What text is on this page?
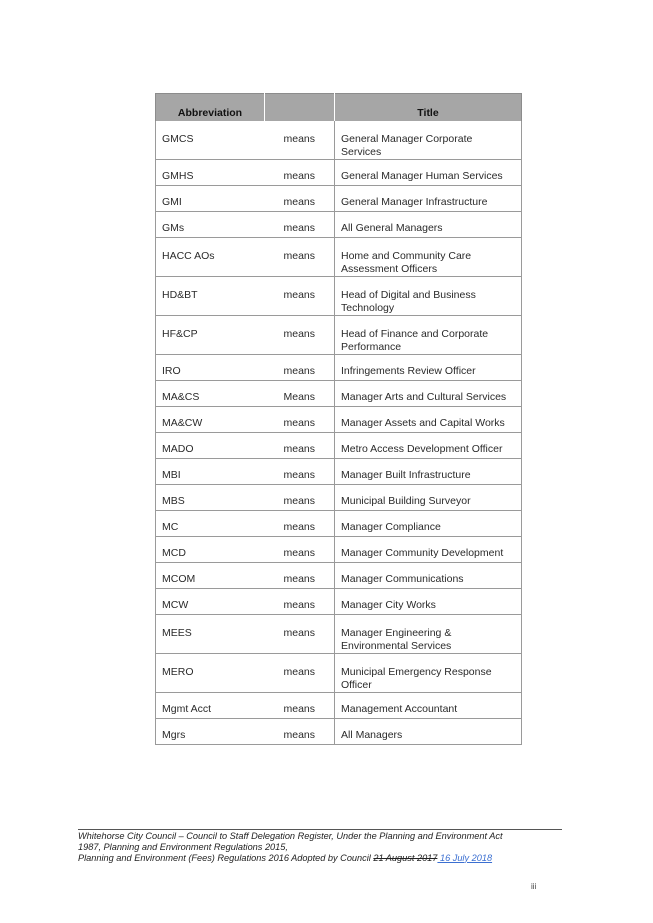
Abbreviation		Title

GMCS	means	General Manager Corporate Services
GMHS	means	General Manager Human Services
GMI	means	General Manager Infrastructure
GMs	means	All General Managers
HACC AOs	means	Home and Community Care Assessment Officers
HD&BT	means	Head of Digital and Business Technology
HF&CP	means	Head of Finance and Corporate Performance
IRO	means	Infringements Review Officer
MA&CS	Means	Manager Arts and Cultural Services
MA&CW	means	Manager Assets and Capital Works
MADO	means	Metro Access Development Officer
MBI	means	Manager Built Infrastructure
MBS	means	Municipal Building Surveyor
MC	means	Manager Compliance
MCD	means	Manager Community Development
MCOM	means	Manager Communications
MCW	means	Manager City Works
MEES	means	Manager Engineering & Environmental Services
MERO	means	Municipal Emergency Response Officer
Mgmt Acct	means	Management Accountant
Mgrs	means	All Managers
Whitehorse City Council – Council to Staff Delegation Register, Under the Planning and Environment Act
1987, Planning and Environment Regulations 2015,
Planning and Environment (Fees) Regulations 2016 Adopted by Council 21 August 2017 16 July 2018
iii
